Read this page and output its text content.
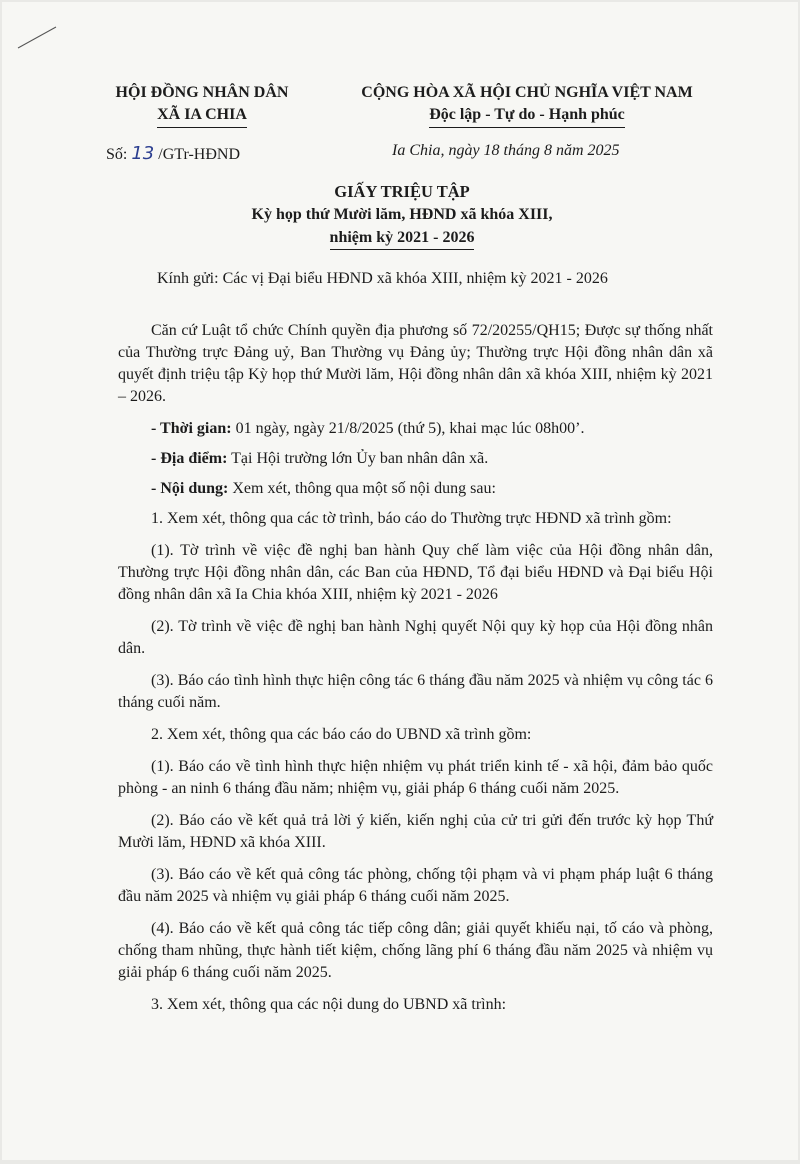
HỘI ĐỒNG NHÂN DÂN
XÃ IA CHIA
CỘNG HÒA XÃ HỘI CHỦ NGHĨA VIỆT NAM
Độc lập - Tự do - Hạnh phúc
Số: 13 /GTr-HĐND	Ia Chia, ngày 18 tháng 8 năm 2025
GIẤY TRIỆU TẬP
Kỳ họp thứ Mười lăm, HĐND xã khóa XIII,
nhiệm kỳ 2021 - 2026
Kính gửi: Các vị Đại biểu HĐND xã khóa XIII, nhiệm kỳ 2021 - 2026

Căn cứ Luật tổ chức Chính quyền địa phương số 72/20255/QH15; Được sự thống nhất của Thường trực Đảng uỷ, Ban Thường vụ Đảng ủy; Thường trực Hội đồng nhân dân xã quyết định triệu tập Kỳ họp thứ Mười lăm, Hội đồng nhân dân xã khóa XIII, nhiệm kỳ 2021 – 2026.

- Thời gian: 01 ngày, ngày 21/8/2025 (thứ 5), khai mạc lúc 08h00’.

- Địa điểm: Tại Hội trường lớn Ủy ban nhân dân xã.

- Nội dung: Xem xét, thông qua một số nội dung sau:

1. Xem xét, thông qua các tờ trình, báo cáo do Thường trực HĐND xã trình gồm:

(1). Tờ trình về việc đề nghị ban hành Quy chế làm việc của Hội đồng nhân dân, Thường trực Hội đồng nhân dân, các Ban của HĐND, Tổ đại biểu HĐND và Đại biểu Hội đồng nhân dân xã Ia Chia khóa XIII, nhiệm kỳ 2021 - 2026

(2). Tờ trình về việc đề nghị ban hành Nghị quyết Nội quy kỳ họp của Hội đồng nhân dân.

(3). Báo cáo tình hình thực hiện công tác 6 tháng đầu năm 2025 và nhiệm vụ công tác 6 tháng cuối năm.

2. Xem xét, thông qua các báo cáo do UBND xã trình gồm:

(1). Báo cáo về tình hình thực hiện nhiệm vụ phát triển kinh tế - xã hội, đảm bảo quốc phòng - an ninh 6 tháng đầu năm; nhiệm vụ, giải pháp 6 tháng cuối năm 2025.

(2). Báo cáo về kết quả trả lời ý kiến, kiến nghị của cử tri gửi đến trước kỳ họp Thứ Mười lăm, HĐND xã khóa XIII.

(3). Báo cáo về kết quả công tác phòng, chống tội phạm và vi phạm pháp luật 6 tháng đầu năm 2025 và nhiệm vụ giải pháp 6 tháng cuối năm 2025.

(4). Báo cáo về kết quả công tác tiếp công dân; giải quyết khiếu nại, tố cáo và phòng, chống tham nhũng, thực hành tiết kiệm, chống lãng phí 6 tháng đầu năm 2025 và nhiệm vụ giải pháp 6 tháng cuối năm 2025.

3. Xem xét, thông qua các nội dung do UBND xã trình:
